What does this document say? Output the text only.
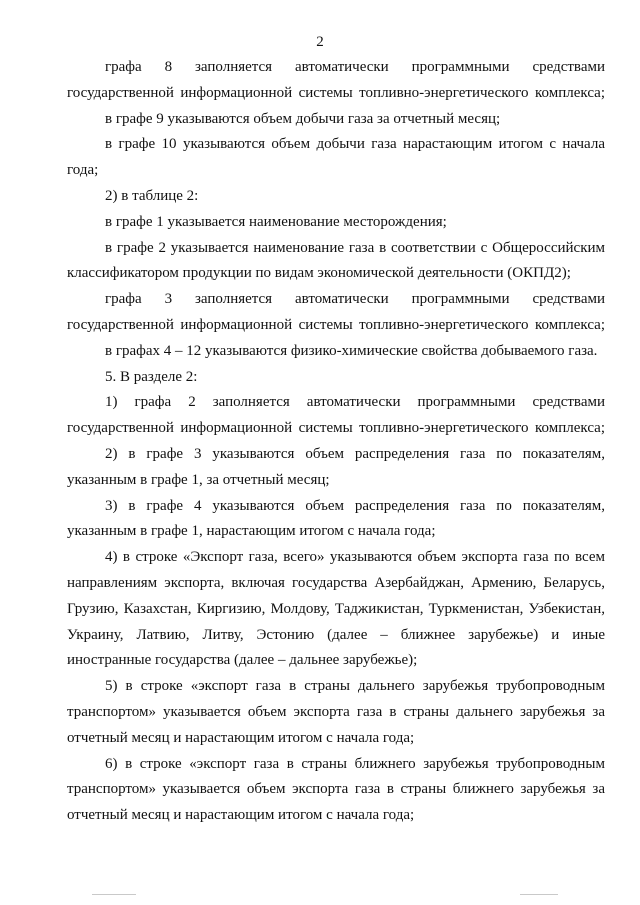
2

графа 8 заполняется автоматически программными средствами государственной информационной системы топливно-энергетического комплекса;

в графе 9 указываются объем добычи газа за отчетный месяц;

в графе 10 указываются объем добычи газа нарастающим итогом с начала года;

2) в таблице 2:

в графе 1 указывается наименование месторождения;

в графе 2 указывается наименование газа в соответствии с Общероссийским классификатором продукции по видам экономической деятельности (ОКПД2);

графа 3 заполняется автоматически программными средствами государственной информационной системы топливно-энергетического комплекса;

в графах 4 – 12 указываются физико-химические свойства добываемого газа.

5. В разделе 2:

1) графа 2 заполняется автоматически программными средствами государственной информационной системы топливно-энергетического комплекса;

2) в графе 3 указываются объем распределения газа по показателям, указанным в графе 1, за отчетный месяц;

3) в графе 4 указываются объем распределения газа по показателям, указанным в графе 1, нарастающим итогом с начала года;

4) в строке «Экспорт газа, всего» указываются объем экспорта газа по всем направлениям экспорта, включая государства Азербайджан, Армению, Беларусь, Грузию, Казахстан, Киргизию, Молдову, Таджикистан, Туркменистан, Узбекистан, Украину, Латвию, Литву, Эстонию (далее – ближнее зарубежье) и иные иностранные государства (далее – дальнее зарубежье);

5) в строке «экспорт газа в страны дальнего зарубежья трубопроводным транспортом» указывается объем экспорта газа в страны дальнего зарубежья за отчетный месяц и нарастающим итогом с начала года;

6) в строке «экспорт газа в страны ближнего зарубежья трубопроводным транспортом» указывается объем экспорта газа в страны ближнего зарубежья за отчетный месяц и нарастающим итогом с начала года;
